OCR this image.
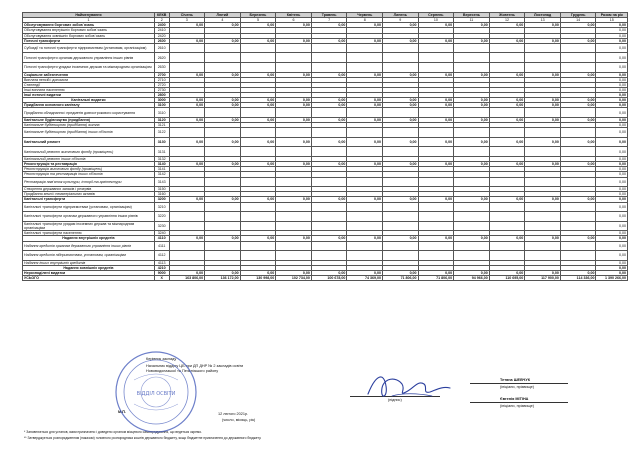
Найменування	КЕКВ	Січень	Лютий	Березень	Квітень	Травень	Червень	Липень	Серпень	Вересень	Жовтень	Листопад	Грудень	Разом на рік
1	2	3	4	5	6	7	8	9	10	11	12	13	14	15
Обслуговування боргових зобов`язань	2400	0,00	0,00	0,00	0,00	0,00	0,00	0,00	0,00	0,00	0,00	0,00	0,00	0,00
Обслуговування внутрішніх боргових зобов`язань	2410													0,00
Обслуговування зовнішніх боргових зобов`язань	2420													0,00
Поточні трансферти	2600	0,00	0,00	0,00	0,00	0,00	0,00	0,00	0,00	0,00	0,00	0,00	0,00	0,00
Субсидії та поточні трансферти підприємствам (установам, організаціям)	2610													0,00
Поточні трансферти органам державного управління інших рівнів	2620													0,00
Поточні трансферти урядам іноземних держав та міжнародним організаціям	2630													0,00
Соціальне забезпечення	2700	0,00	0,00	0,00	0,00	0,00	0,00	0,00	0,00	0,00	0,00	0,00	0,00	0,00
Виплата пенсій і допомоги	2710													0,00
Стипендії	2720													0,00
Інші виплати населенню	2730													0,00
Інші поточні видатки	2800													0,00
Капітальні видатки	3000	0,00	0,00	0,00	0,00	0,00	0,00	0,00	0,00	0,00	0,00	0,00	0,00	0,00
Придбання основного капіталу	3100	0,00	0,00	0,00	0,00	0,00	0,00	0,00	0,00	0,00	0,00	0,00	0,00	0,00
Придбання обладнання і предметів довгострокового користування	3110													0,00
Капітальне будівництво (придбання)	3120	0,00	0,00	0,00	0,00	0,00	0,00	0,00	0,00	0,00	0,00	0,00	0,00	0,00
Капітальне будівництво (придбання) житла	3121													0,00
Капітальне будівництво (придбання) інших об'єктів	3122													0,00
Капітальний ремонт	3130	0,00	0,00	0,00	0,00	0,00	0,00	0,00	0,00	0,00	0,00	0,00	0,00	0,00
Капітальний ремонт житлового фонду (приміщень)	3131													0,00
Капітальний ремонт інших об'єктів	3132													0,00
Реконструкція та реставрація	3140	0,00	0,00	0,00	0,00	0,00	0,00	0,00	0,00	0,00	0,00	0,00	0,00	0,00
Реконструкція житлового фонду (приміщень)	3141													0,00
Реконструкція та реставрація інших об'єктів	3142													0,00
Реставрація пам'яток культури, історії та архітектури	3143													0,00
Створення державних запасів і резервів	3150													0,00
Придбання землі і нематеріальних активів	3160													0,00
Капітальні трансферти	3200	0,00	0,00	0,00	0,00	0,00	0,00	0,00	0,00	0,00	0,00	0,00	0,00	0,00
Капітальні трансферти підприємствам (установам, організаціям)	3210													0,00
Капітальні трансферти органам державного управління інших рівнів	3220													0,00
Капітальні трансферти урядам іноземних держав та міжнародним організаціям	3230													0,00
Капітальні трансферти населенню	3240													0,00
Надання внутрішніх кредитів	4110	0,00	0,00	0,00	0,00	0,00	0,00	0,00	0,00	0,00	0,00	0,00	0,00	0,00
Надання кредитів органам державного управління інших рівнів	4111													0,00
Надання кредитів підприємствам, установам, організаціям	4112													0,00
Надання інших внутрішніх кредитів	4113													0,00
Надання зовнішніх кредитів	4210													0,00
Нерозподілені видатки	9000	0,00	0,00	0,00	0,00	0,00	0,00	0,00	0,00	0,00	0,00	0,00	0,00	0,00
УСЬОГО	Х	163 806,00	136 172,00	130 998,00	102 734,00	100 678,00	74 369,00	71 806,00	71 806,00	94 966,00	110 695,00	117 900,00	114 336,00	1 390 266,00
Керівник закладу
Начальник відділу ЦБ при ДП ДНР № 2 закладів освіти
Нововодолазької та Печенізького району
(підпис)
Тетяна ШЕВЧУК
(ініціали, прізвище)
Євгенія МІТІНА
(ініціали, прізвище)
12 лютого 2021р.
(число, місяць, рік)
М.П.
* Заповнюється для установ, яким призначено і доведено органом місцевого самоврядування, що ведеться окремо.
** Затверджується розпорядженням (наказом) головного розпорядника коштів державного бюджету, якщо бюджетне призначення до державного бюджету.
ВІДДІЛ ОСВІТИ
